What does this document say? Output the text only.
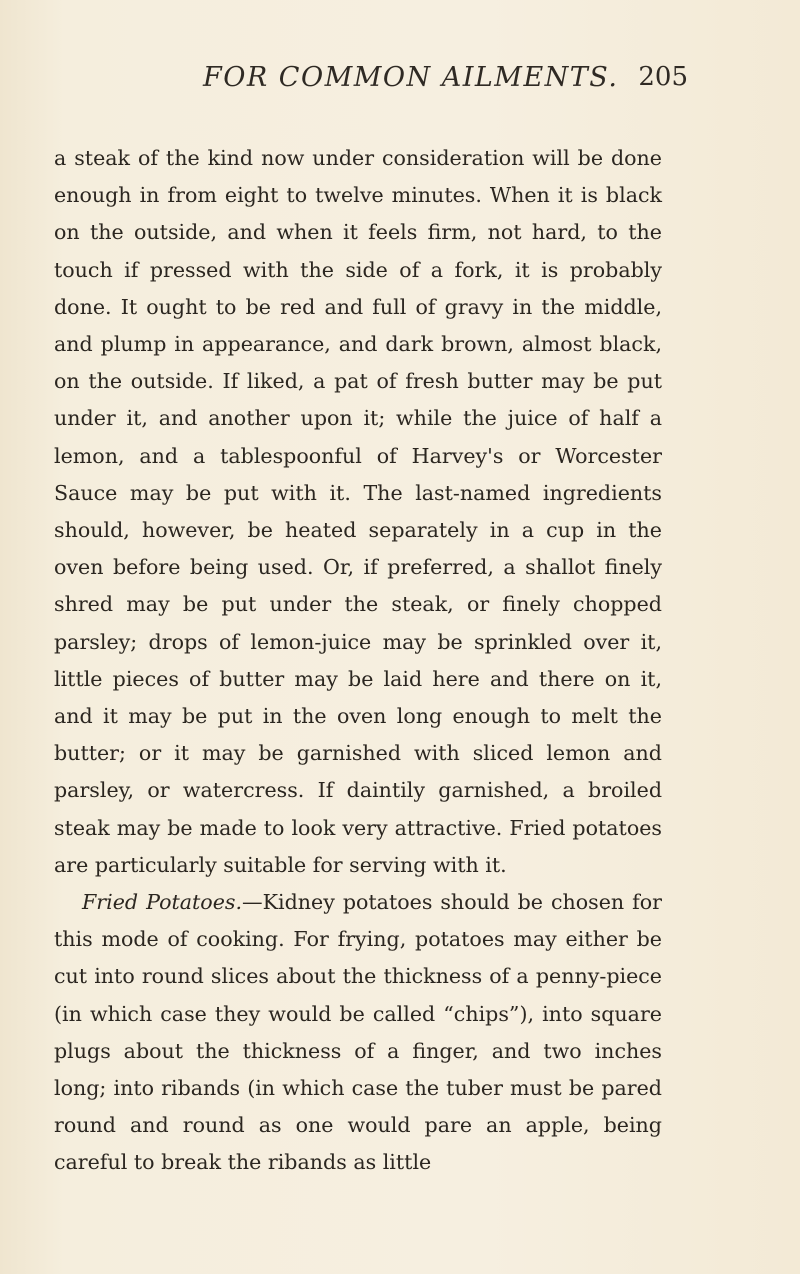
FOR COMMON AILMENTS. 205

a steak of the kind now under consideration will be done enough in from eight to twelve minutes. When it is black on the outside, and when it feels firm, not hard, to the touch if pressed with the side of a fork, it is probably done. It ought to be red and full of gravy in the middle, and plump in appearance, and dark brown, almost black, on the outside. If liked, a pat of fresh butter may be put under it, and another upon it; while the juice of half a lemon, and a tablespoonful of Harvey's or Worcester Sauce may be put with it. The last-named ingredients should, however, be heated separately in a cup in the oven before being used. Or, if preferred, a shallot finely shred may be put under the steak, or finely chopped parsley; drops of lemon-juice may be sprinkled over it, little pieces of butter may be laid here and there on it, and it may be put in the oven long enough to melt the butter; or it may be garnished with sliced lemon and parsley, or watercress. If daintily garnished, a broiled steak may be made to look very attractive. Fried potatoes are particularly suitable for serving with it.

Fried Potatoes.—Kidney potatoes should be chosen for this mode of cooking. For frying, potatoes may either be cut into round slices about the thickness of a penny-piece (in which case they would be called “chips”), into square plugs about the thickness of a finger, and two inches long; into ribands (in which case the tuber must be pared round and round as one would pare an apple, being careful to break the ribands as little
